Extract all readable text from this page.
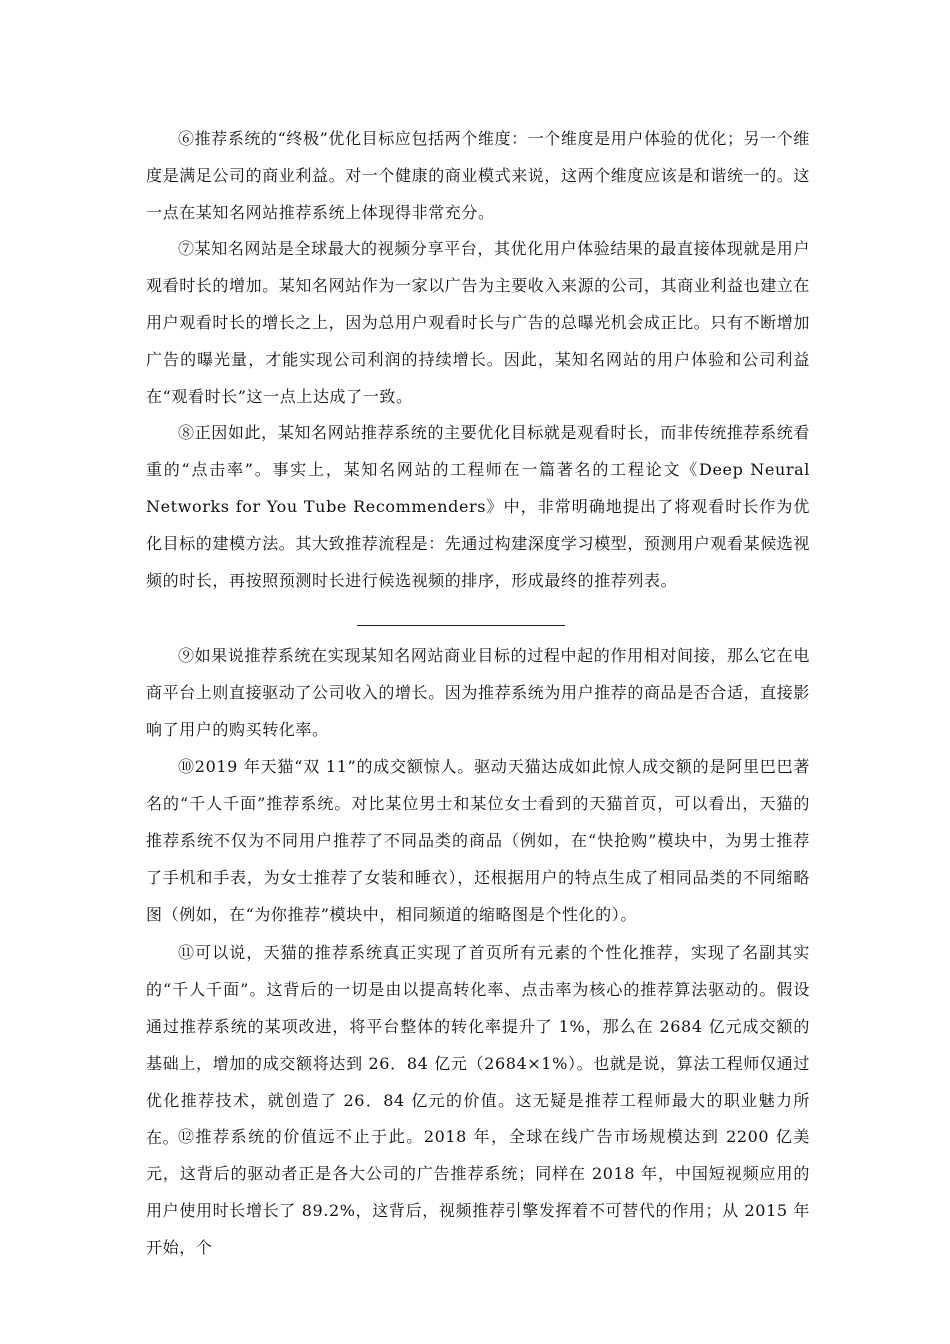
⑥推荐系统的“终极”优化目标应包括两个维度：一个维度是用户体验的优化；另一个维度是满足公司的商业利益。对一个健康的商业模式来说，这两个维度应该是和谐统一的。这一点在某知名网站推荐系统上体现得非常充分。

⑦某知名网站是全球最大的视频分享平台，其优化用户体验结果的最直接体现就是用户观看时长的增加。某知名网站作为一家以广告为主要收入来源的公司，其商业利益也建立在用户观看时长的增长之上，因为总用户观看时长与广告的总曝光机会成正比。只有不断增加广告的曝光量，才能实现公司利润的持续增长。因此，某知名网站的用户体验和公司利益在“观看时长”这一点上达成了一致。

⑧正因如此，某知名网站推荐系统的主要优化目标就是观看时长，而非传统推荐系统看重的“点击率”。事实上，某知名网站的工程师在一篇著名的工程论文《Deep Neural Networks for You Tube Recommenders》中，非常明确地提出了将观看时长作为优化目标的建模方法。其大致推荐流程是：先通过构建深度学习模型，预测用户观看某候选视频的时长，再按照预测时长进行候选视频的排序，形成最终的推荐列表。

⑨如果说推荐系统在实现某知名网站商业目标的过程中起的作用相对间接，那么它在电商平台上则直接驱动了公司收入的增长。因为推荐系统为用户推荐的商品是否合适，直接影响了用户的购买转化率。

⑩2019 年天猫“双 11”的成交额惊人。驱动天猫达成如此惊人成交额的是阿里巴巴著名的“千人千面”推荐系统。对比某位男士和某位女士看到的天猫首页，可以看出，天猫的推荐系统不仅为不同用户推荐了不同品类的商品（例如，在“快抢购”模块中，为男士推荐了手机和手表，为女士推荐了女装和睡衣），还根据用户的特点生成了相同品类的不同缩略图（例如，在“为你推荐”模块中，相同频道的缩略图是个性化的）。

⑪可以说，天猫的推荐系统真正实现了首页所有元素的个性化推荐，实现了名副其实的“千人千面”。这背后的一切是由以提高转化率、点击率为核心的推荐算法驱动的。假设通过推荐系统的某项改进，将平台整体的转化率提升了 1%，那么在 2684 亿元成交额的基础上，增加的成交额将达到 26．84 亿元（2684×1%）。也就是说，算法工程师仅通过优化推荐技术，就创造了 26．84 亿元的价值。这无疑是推荐工程师最大的职业魅力所在。

⑫推荐系统的价值远不止于此。2018 年，全球在线广告市场规模达到 2200 亿美元，这背后的驱动者正是各大公司的广告推荐系统；同样在 2018 年，中国短视频应用的用户使用时长增长了 89.2%，这背后，视频推荐引擎发挥着不可替代的作用；从 2015 年开始，个
